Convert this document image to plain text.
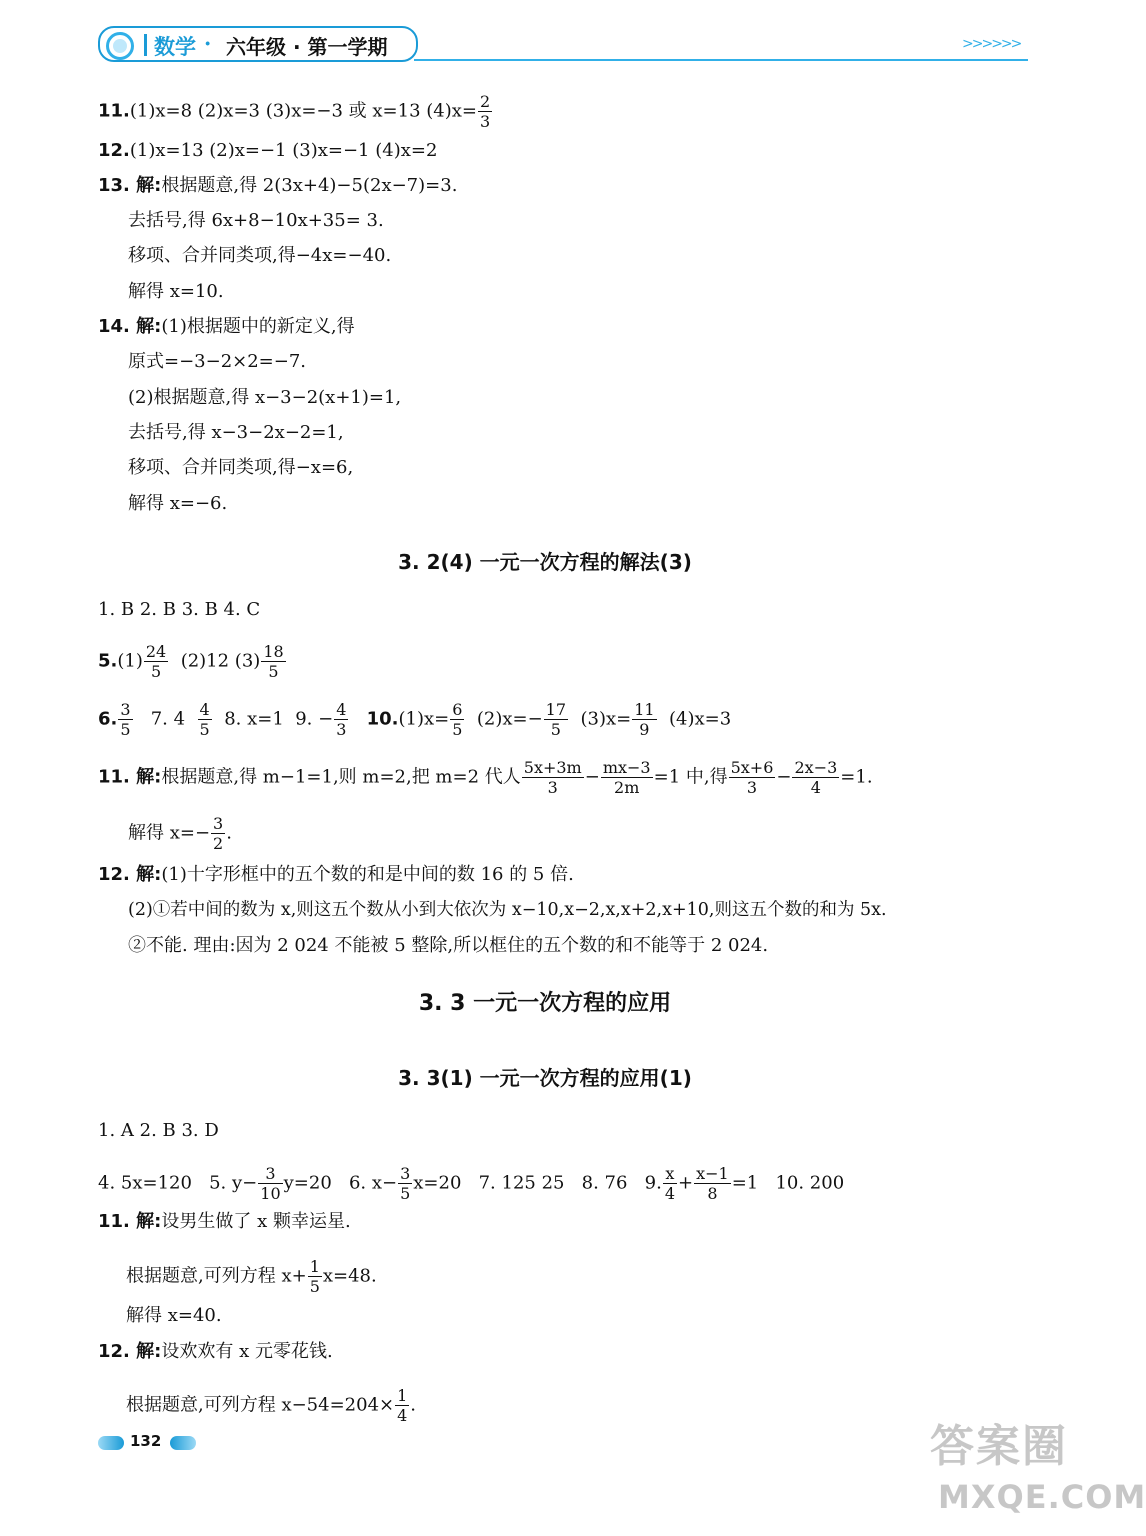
数学 · 六年级 · 第一学期	>>>>>>
11.(1)x=8 (2)x=3 (3)x=−3 或 x=13 $(4)x= \frac{2}{3}$
12.(1)x=13 (2)x=−1 (3)x=−1 (4)x=2
13. 解:根据题意,得 2(3x+4)−5(2x−7)=3.
去括号,得 6x+8−10x+35= 3.
移项、合并同类项,得−4x=−40.
解得 x=10.
14. 解:(1)根据题中的新定义,得
原式=−3−2×2=−7.
(2)根据题意,得 x−3−2(x+1)=1,
去括号,得 x−3−2x−2=1,
移项、合并同类项,得−x=6,
解得 x=−6.
3. 2(4) 一元一次方程的解法(3)
1. B 2. B 3. B 4. C
$5.(1) \frac{24}{5} (2)12$ $(3) \frac{18}{5}$
6. $\frac{3}{5} 7$. $4 \frac{4}{5} 8$. x=1 9. − $\frac{4}{3} 10.(1)x= \frac{6}{5} (2)x=- \frac{17}{5} (3)x= \frac{11}{9} (4)x=3$
11. 解:根据题意,得 m−1=1,则 m=2,把 m=2 代人 $\frac{5x+3m}{3} - \frac{mx-3}{2m} =1$ 中,得 $\frac{5x+6}{3} - \frac{2x-3}{4} =1$.
解得 $x=- \frac{3}{2}$ .
12. 解:(1)十字形框中的五个数的和是中间的数 16 的 5 倍.
(2)①若中间的数为 x,则这五个数从小到大依次为 x−10,x−2,x,x+2,x+10,则这五个数的和为 5x.
②不能. 理由:因为 2 024 不能被 5 整除,所以框住的五个数的和不能等于 2 024.
3. 3 一元一次方程的应用
3. 3(1) 一元一次方程的应用(1)
1. A 2. B 3. D
4. 5x=120 5. $y- \frac{3}{10} y=20$ 6. $x- \frac{3}{5} x=20$ 7. 125 25 8. 76 9. $\frac{x}{4} + \frac{x-1}{8} =1$ 10. 200
11. 解:设男生做了 x 颗幸运星.
根据题意,可列方程 $x+ \frac{1}{5} x=48$.
解得 x=40.
12. 解:设欢欢有 x 元零花钱.
根据题意,可列方程 $x-54=204\times \frac{1}{4}$ .
132	答案圈
MXQE.COM
